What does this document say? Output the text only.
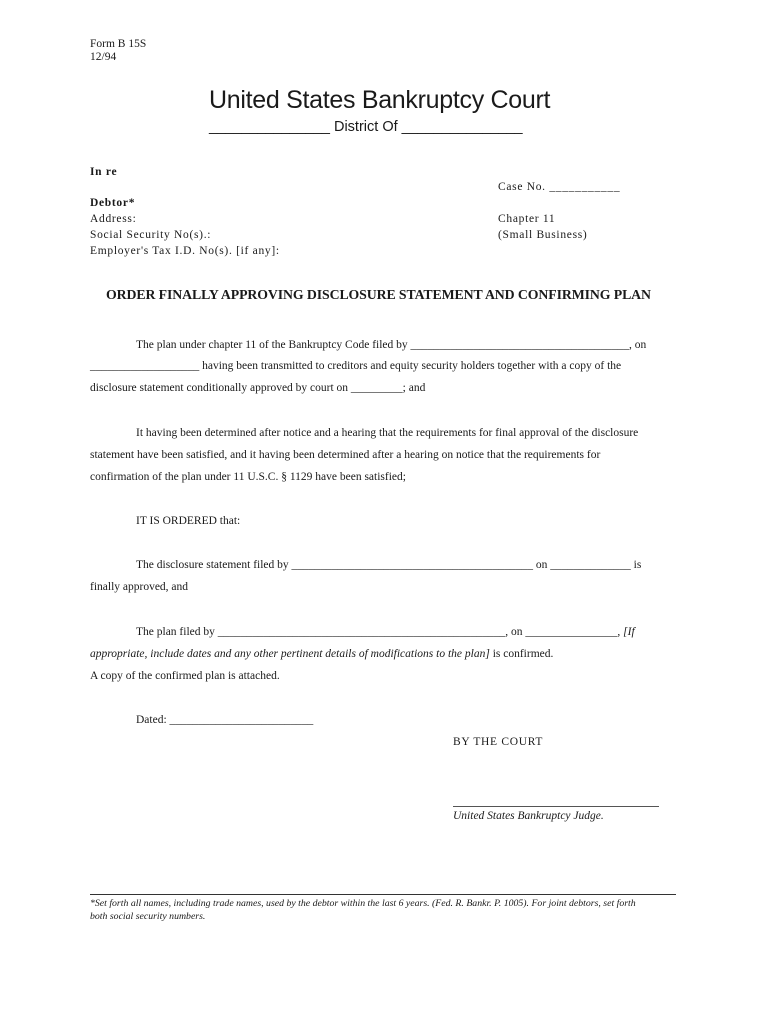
Form B 15S
12/94
United States Bankruptcy Court
_______________ District Of _______________
In re
Debtor*
Address:
Social Security No(s).:
Employer's Tax I.D. No(s). [if any]:
Case No. ___________
Chapter 11
(Small Business)
ORDER FINALLY APPROVING DISCLOSURE STATEMENT AND CONFIRMING PLAN
The plan under chapter 11 of the Bankruptcy Code filed by ______________________________________, on
___________________ having been transmitted to creditors and equity security holders together with a copy of the
disclosure statement conditionally approved by court on _________; and
It having been determined after notice and a hearing that the requirements for final approval of the disclosure
statement have been satisfied, and it having been determined after a hearing on notice that the requirements for
confirmation of the plan under 11 U.S.C. § 1129 have been satisfied;
IT IS ORDERED that:
The disclosure statement filed by __________________________________________ on ______________ is
finally approved, and
The plan filed by __________________________________________________, on ________________, [If
appropriate, include dates and any other pertinent details of modifications to the plan] is confirmed.
A copy of the confirmed plan is attached.
Dated: _________________________
BY THE COURT
United States Bankruptcy Judge.
*Set forth all names, including trade names, used by the debtor within the last 6 years. (Fed. R. Bankr. P. 1005). For joint debtors, set forth
both social security numbers.
